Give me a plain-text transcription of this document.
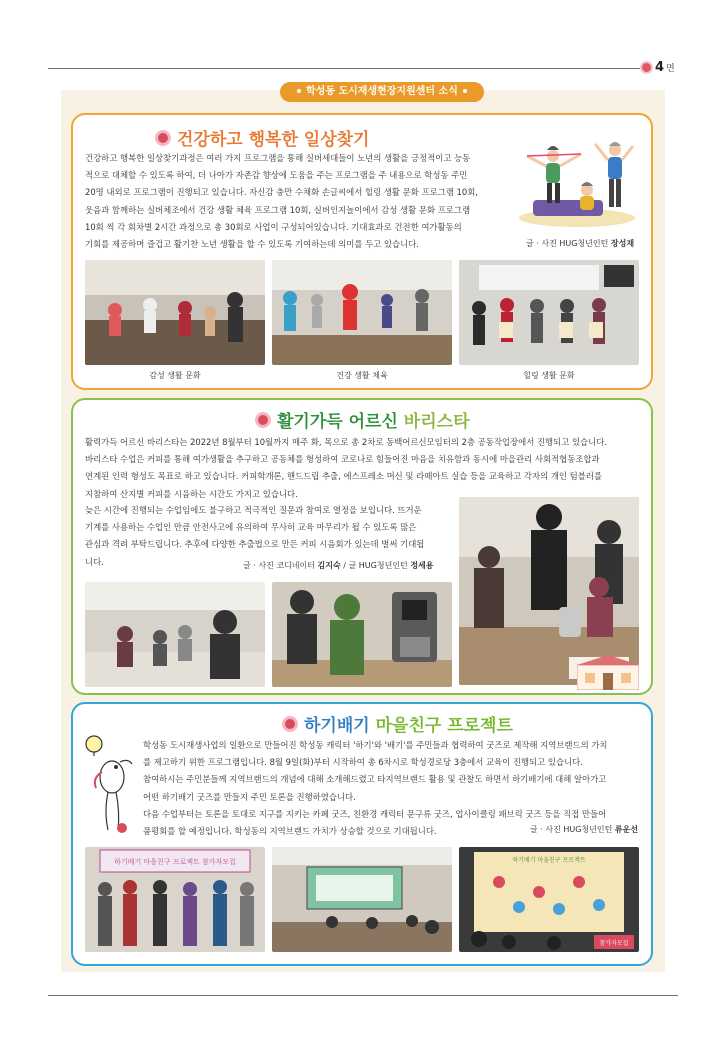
4 면
학성동 도시재생현장지원센터 소식
건강하고 행복한 일상찾기
건강하고 행복한 일상찾기과정은 여러 가지 프로그램을 통해 실버세대들이 노년의 생활을 긍정적이고 능동
적으로 대체할 수 있도록 하여, 더 나아가 자존감 향상에 도움을 주는 프로그램을 주 내용으로 학성동 주민
20명 내외로 프로그램이 진행되고 있습니다. 자신감 충만 수채화 손글씨에서 힐링 생활 문화 프로그램 10회,
웃음과 함께하는 실버체조에서 건강 생활 체육 프로그램 10회, 실버인지놀이에서 감성 생활 문화 프로그램
10회 씩 각 회차별 2시간 과정으로 총 30회로 사업이 구성되어있습니다. 기대효과로 건전한 여가활동의
기회를 제공하며 즐겁고 활기찬 노년 생활을 할 수 있도록 기여하는데 의미를 두고 있습니다.	글 · 사진 HUG청년인턴 장성재
감성 생활 문화	건강 생활 체육	힐링 생활 문화
활기가득 어르신 바리스타
활력가득 어르신 바리스타는 2022년 8월부터 10월까지 매주 화, 목으로 총 2차로 동백어르신모임터의 2층 공동작업장에서 진행되고 있습니다.
바리스타 수업은 커피를 통해 여가생활을 추구하고 공동체를 형성하여 코로나로 힘들어진 마음을 치유함과 동시에 마을관리 사회적협동조합과
연계된 인력 형성도 목표로 하고 있습니다. 커피학개론, 핸드드립 추출, 에스프레소 머신 및 라떼아트 실습 등을 교육하고 각자의 개인 텀블러를
지참하여 산지별 커피를 시음하는 시간도 가지고 있습니다.
늦은 시간에 진행되는 수업임에도 불구하고 적극적인 질문과 참여로 열정을 보입니다. 뜨거운
기계를 사용하는 수업인 만큼 안전사고에 유의하여 무사히 교육 마무리가 될 수 있도록 많은
관심과 격려 부탁드립니다. 추후에 다양한 추출법으로 만든 커피 시음회가 있는데 벌써 기대됩
니다.	글 · 사진 코디네이터 김지숙 / 글 HUG청년인턴 정세용
하기배기 마을친구 프로젝트
학성동 도시재생사업의 일환으로 만들어진 학성동 캐릭터 '하기'와 '배기'를 주민들과 협력하여 굿즈로 제작해 지역브랜드의 가치
를 제고하기 위한 프로그램입니다. 8월 9일(화)부터 시작하여 총 6차시로 학성경로당 3층에서 교육이 진행되고 있습니다.
참여하시는 주민분들께 지역브랜드의 개념에 대해 소개해드렸고 타지역브랜드 활용 및 관찰도 하면서 하기배기에 대해 알아가고
어떤 하기배기 굿즈를 만들지 주민 토론을 진행하였습니다.
다음 수업부터는 토론을 토대로 지구를 지키는 카페 굿즈, 친환경 캐릭터 문구류 굿즈, 업사이클링 패브릭 굿즈 등을 직접 만들어
품평회를 할 예정입니다. 학성동의 지역브랜드 가치가 상승할 것으로 기대됩니다.	글 · 사진 HUG청년인턴 류운선
하기배기 마을친구 프로젝트 참가자모집	하기배기 마을친구 프로젝트
참가자모집
